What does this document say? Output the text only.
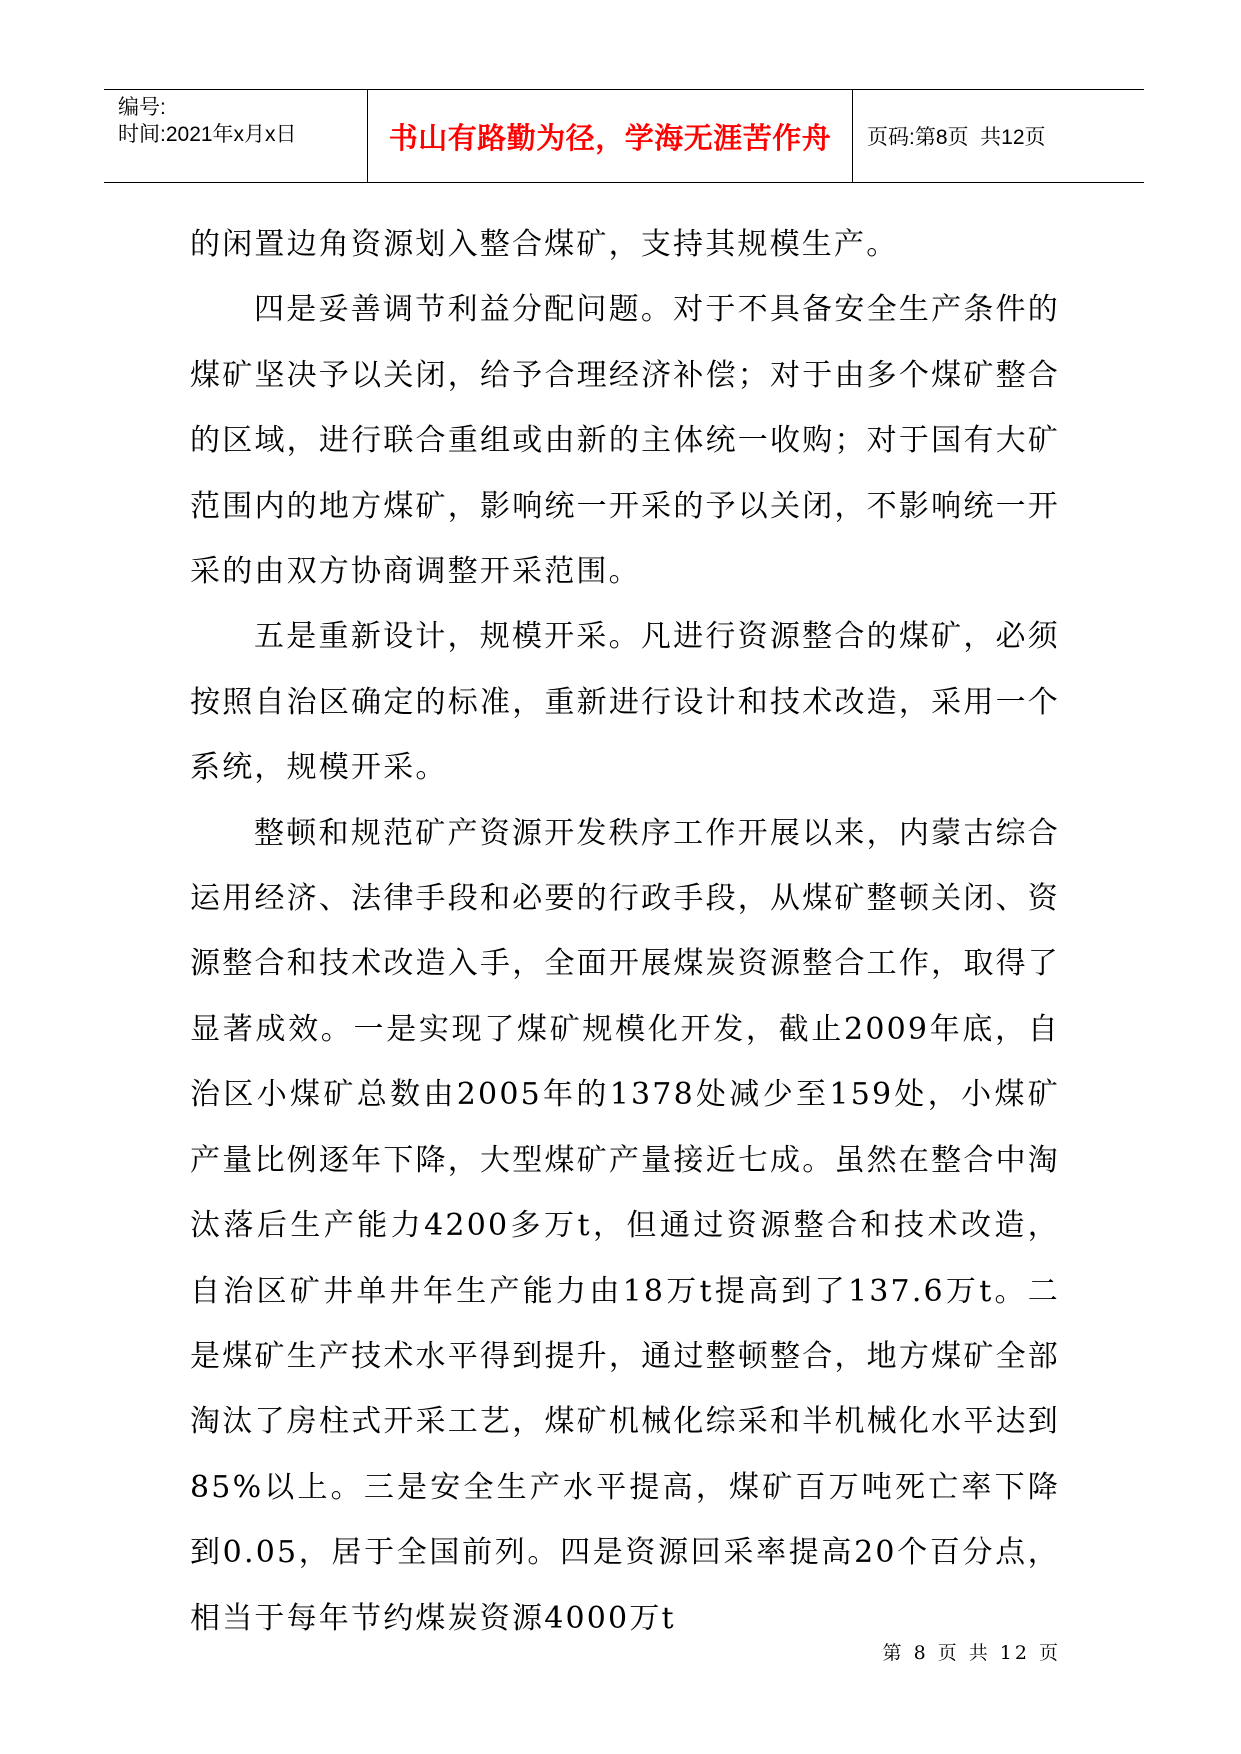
编号:
时间:2021年x月x日	书山有路勤为径，学海无涯苦作舟 页码:第8页  共12页

的闲置边角资源划入整合煤矿，支持其规模生产。

四是妥善调节利益分配问题。对于不具备安全生产条件的煤矿坚决予以关闭，给予合理经济补偿；对于由多个煤矿整合的区域，进行联合重组或由新的主体统一收购；对于国有大矿范围内的地方煤矿，影响统一开采的予以关闭，不影响统一开采的由双方协商调整开采范围。

五是重新设计，规模开采。凡进行资源整合的煤矿，必须按照自治区确定的标准，重新进行设计和技术改造，采用一个系统，规模开采。

整顿和规范矿产资源开发秩序工作开展以来，内蒙古综合运用经济、法律手段和必要的行政手段，从煤矿整顿关闭、资源整合和技术改造入手，全面开展煤炭资源整合工作，取得了显著成效。一是实现了煤矿规模化开发，截止2009年底，自治区小煤矿总数由2005年的1378处减少至159处，小煤矿产量比例逐年下降，大型煤矿产量接近七成。虽然在整合中淘汰落后生产能力4200多万t，但通过资源整合和技术改造，自治区矿井单井年生产能力由18万t提高到了137.6万t。二是煤矿生产技术水平得到提升，通过整顿整合，地方煤矿全部淘汰了房柱式开采工艺，煤矿机械化综采和半机械化水平达到85%以上。三是安全生产水平提高，煤矿百万吨死亡率下降到0.05，居于全国前列。四是资源回采率提高20个百分点，相当于每年节约煤炭资源4000万t

第 8 页 共 12 页
